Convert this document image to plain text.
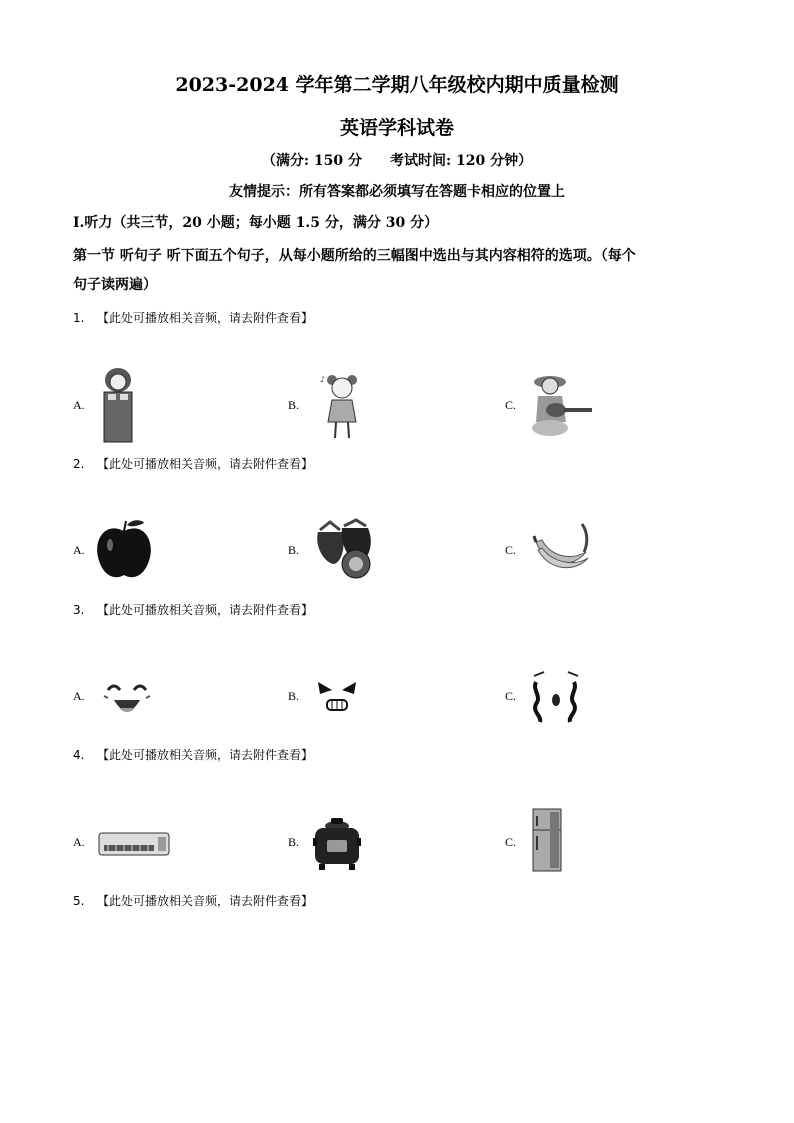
2023-2024 学年第二学期八年级校内期中质量检测
英语学科试卷
（满分: 150 分 考试时间: 120 分钟）
友情提示：所有答案都必须填写在答题卡相应的位置上
I.听力（共三节，20 小题；每小题 1.5 分，满分 30 分）
第一节 听句子 听下面五个句子，从每小题所给的三幅图中选出与其内容相符的选项。（每个
句子读两遍）
1. 【此处可播放相关音频，请去附件查看】
A.	B.	C.
♪
2. 【此处可播放相关音频，请去附件查看】
A.	B.	C.
3. 【此处可播放相关音频，请去附件查看】
A.	B.	C.
4. 【此处可播放相关音频，请去附件查看】
A.	B.	C.
5. 【此处可播放相关音频，请去附件查看】
